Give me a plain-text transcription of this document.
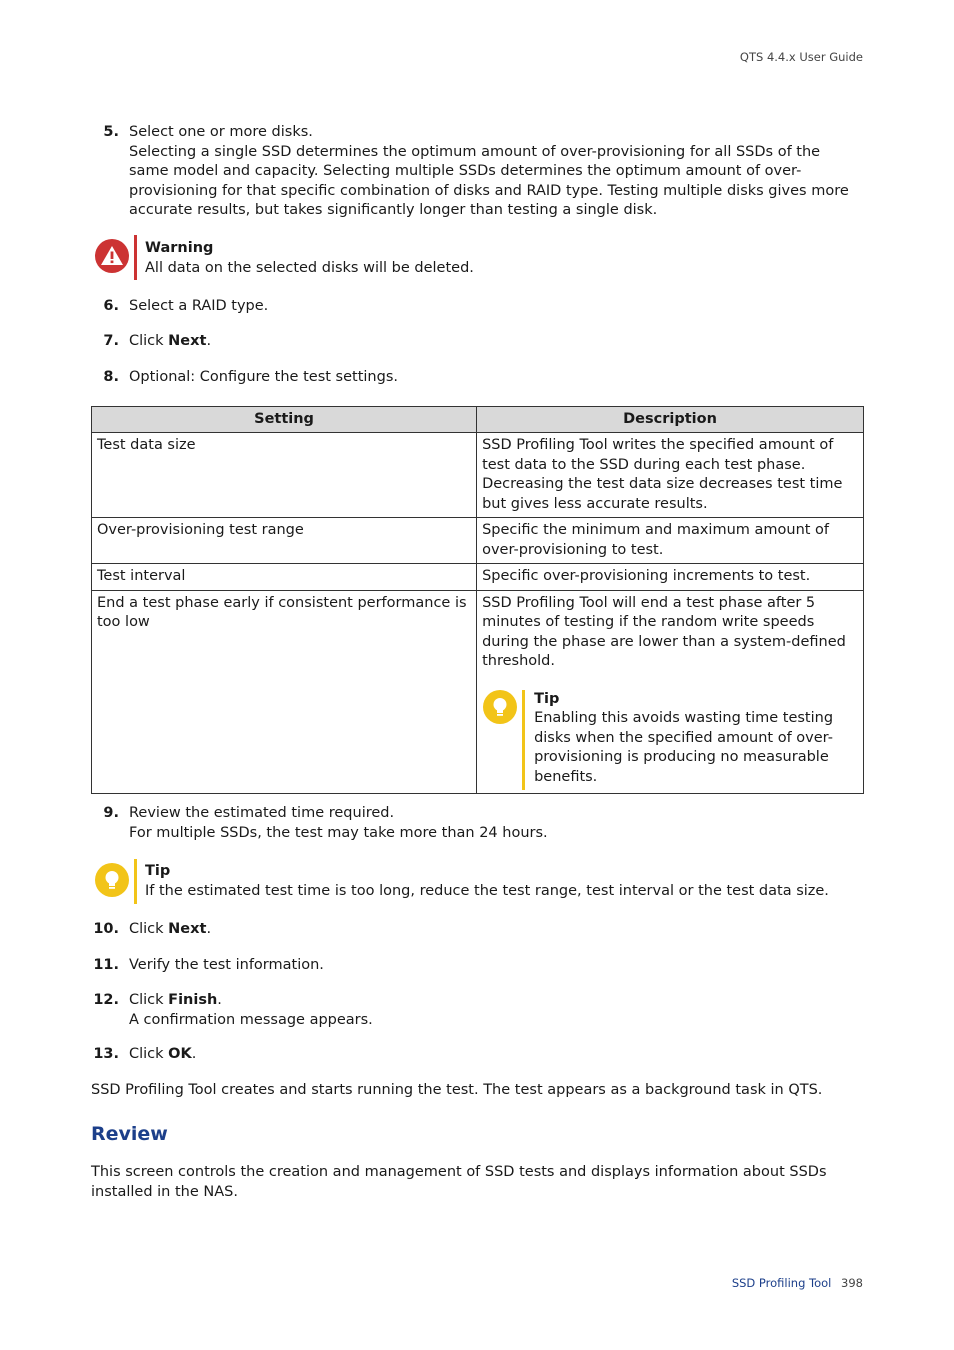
QTS 4.4.x User Guide
5. Select one or more disks.
Selecting a single SSD determines the optimum amount of over-provisioning for all SSDs of the same model and capacity. Selecting multiple SSDs determines the optimum amount of over-provisioning for that specific combination of disks and RAID type. Testing multiple disks gives more accurate results, but takes significantly longer than testing a single disk.
Warning
All data on the selected disks will be deleted.
6. Select a RAID type.
7. Click Next.
8. Optional: Configure the test settings.
Setting	Description
Test data size	SSD Profiling Tool writes the specified amount of test data to the SSD during each test phase. Decreasing the test data size decreases test time but gives less accurate results.
Over-provisioning test range	Specific the minimum and maximum amount of over-provisioning to test.
Test interval	Specific over-provisioning increments to test.
End a test phase early if consistent performance is too low	SSD Profiling Tool will end a test phase after 5 minutes of testing if the random write speeds during the phase are lower than a system-defined threshold.
Tip
Enabling this avoids wasting time testing disks when the specified amount of over-provisioning is producing no measurable benefits.
9. Review the estimated time required.
For multiple SSDs, the test may take more than 24 hours.
Tip
If the estimated test time is too long, reduce the test range, test interval or the test data size.
10. Click Next.
11. Verify the test information.
12. Click Finish.
A confirmation message appears.
13. Click OK.
SSD Profiling Tool creates and starts running the test. The test appears as a background task in QTS.
Review
This screen controls the creation and management of SSD tests and displays information about SSDs installed in the NAS.
SSD Profiling Tool 398
